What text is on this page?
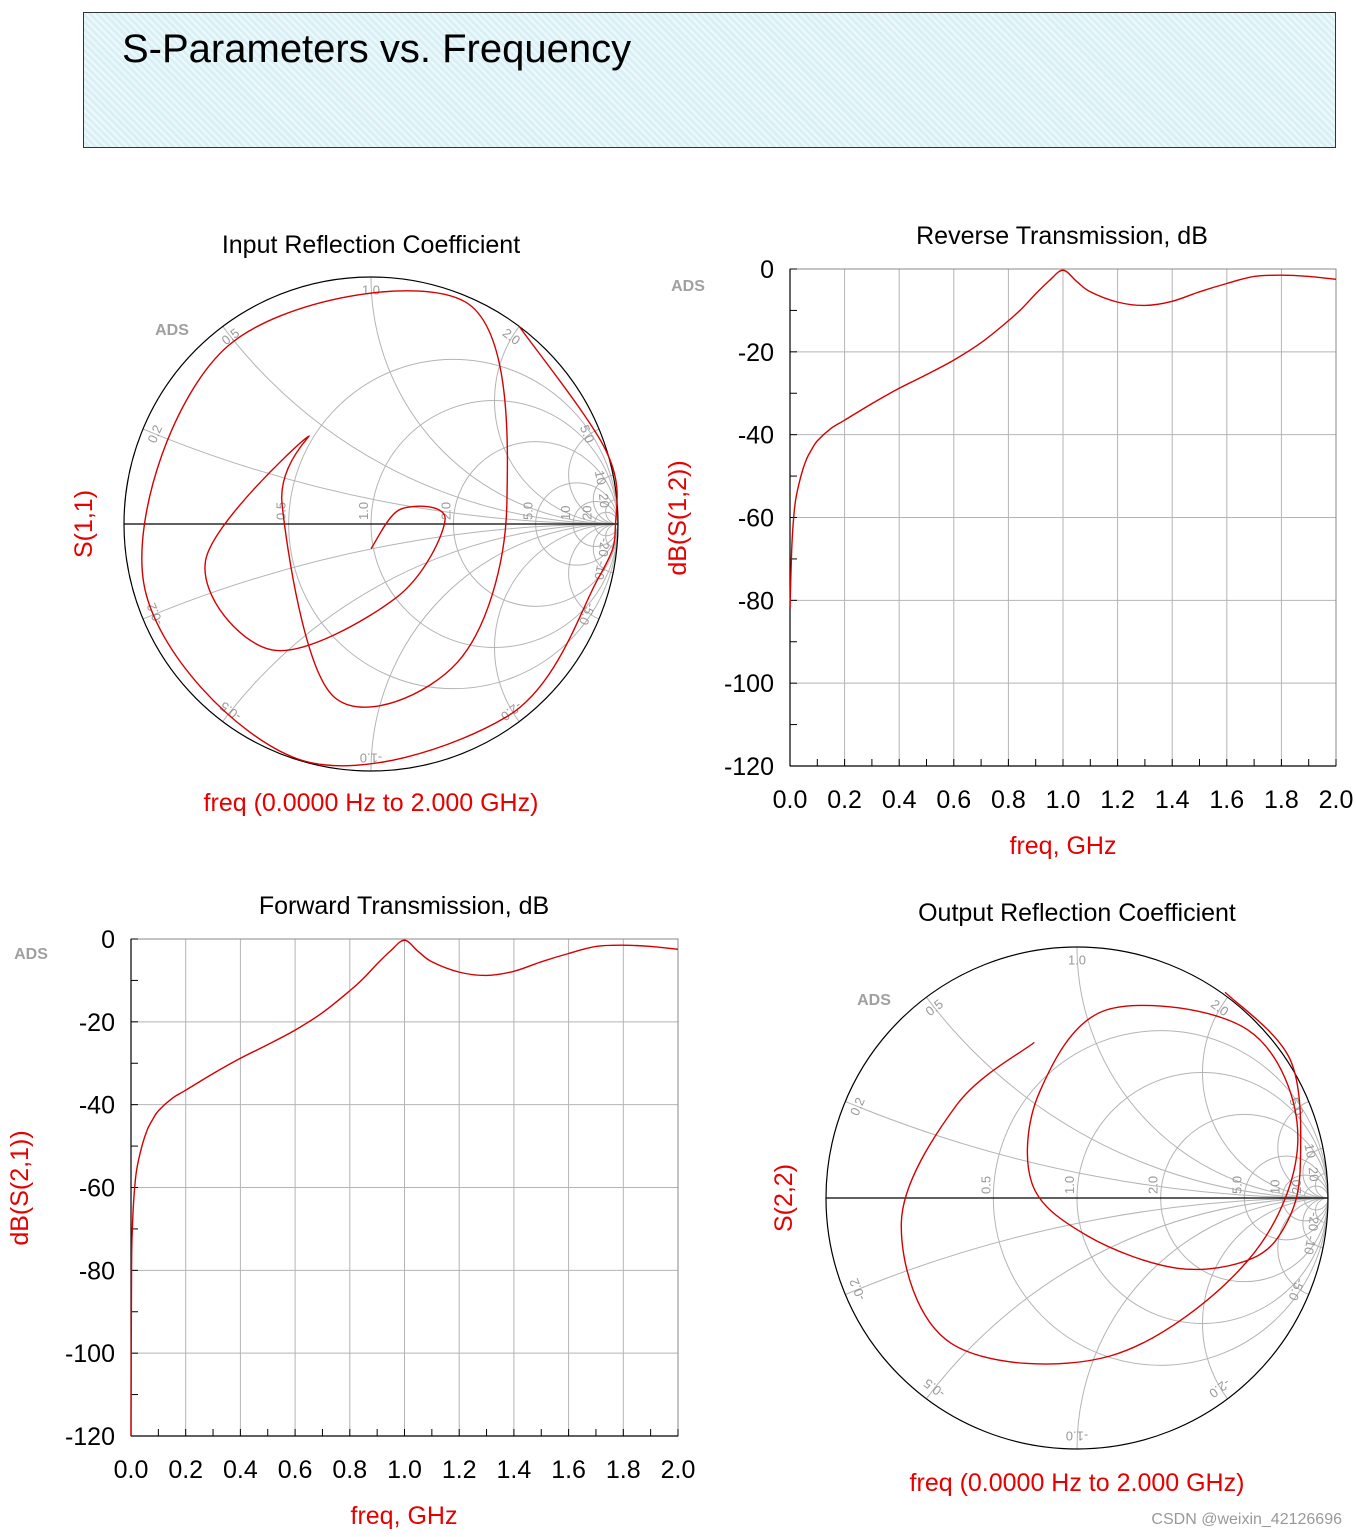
S-Parameters vs. Frequency
0.5	1.0	2.0	5.0 10 20
0.2
-0.2
0.5
-0.5
1.0
-1.0
2.0
-2.0
5.0
-5.0
10
-10
20
-20
Input Reflection Coefficient
S(1,1)
freq (0.0000 Hz to 2.000 GHz)
ADS
0.0 0.2 0.4 0.6 0.8 1.0 1.2 1.4 1.6 1.8 2.0
0
-20
-40
-60
-80
-100
-120
Reverse Transmission, dB
dB(S(1,2))
freq, GHz
ADS
0.0 0.2 0.4 0.6 0.8 1.0 1.2 1.4 1.6 1.8 2.0
0
-20
-40
-60
-80
-100
-120
Forward Transmission, dB
dB(S(2,1))
freq, GHz
ADS
0.5	1.0	2.0	5.0 10 20
0.2
-0.2
0.5
-0.5
1.0
-1.0
2.0
-2.0
5.0
-5.0
10
-10
20
-20
Output Reflection Coefficient
S(2,2)
freq (0.0000 Hz to 2.000 GHz)
ADS
CSDN @weixin_42126696
